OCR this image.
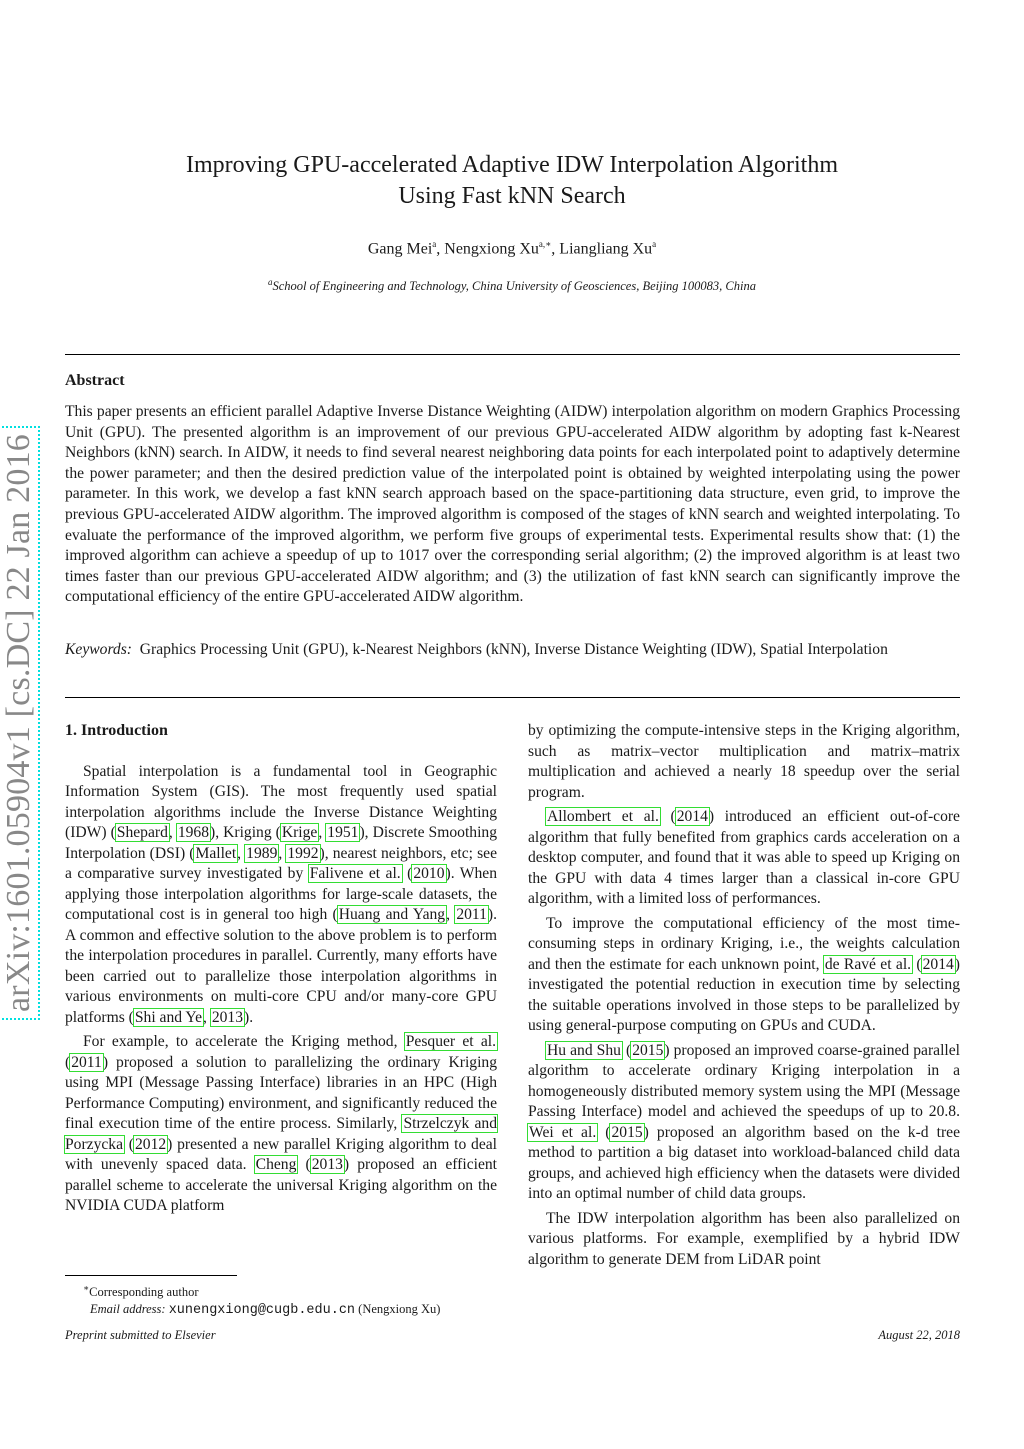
arXiv:1601.05904v1 [cs.DC] 22 Jan 2016
Improving GPU-accelerated Adaptive IDW Interpolation Algorithm
Using Fast kNN Search
Gang Mei$^a$, Nengxiong $Xu^{a,∗}$, Liangliang Xu$^a$
$^a$School of Engineering and Technology, China University of Geosciences, Beijing 100083, China
Abstract
This paper presents an efficient parallel Adaptive Inverse Distance Weighting (AIDW) interpolation algorithm on modern Graphics Processing Unit (GPU). The presented algorithm is an improvement of our previous GPU-accelerated AIDW algorithm by adopting fast k-Nearest Neighbors (kNN) search. In AIDW, it needs to find several nearest neighboring data points for each interpolated point to adaptively determine the power parameter; and then the desired prediction value of the interpolated point is obtained by weighted interpolating using the power parameter. In this work, we develop a fast kNN search approach based on the space-partitioning data structure, even grid, to improve the previous GPU-accelerated AIDW algorithm. The improved algorithm is composed of the stages of kNN search and weighted interpolating. To evaluate the performance of the improved algorithm, we perform five groups of experimental tests. Experimental results show that: (1) the improved algorithm can achieve a speedup of up to 1017 over the corresponding serial algorithm; (2) the improved algorithm is at least two times faster than our previous GPU-accelerated AIDW algorithm; and (3) the utilization of fast kNN search can significantly improve the computational efficiency of the entire GPU-accelerated AIDW algorithm.
Keywords: Graphics Processing Unit (GPU), k-Nearest Neighbors (kNN), Inverse Distance Weighting (IDW), Spatial Interpolation

1. Introduction

Spatial interpolation is a fundamental tool in Geographic Information System (GIS). The most frequently used spatial interpolation algorithms include the Inverse Distance Weighting (IDW) (Shepard, 1968), Kriging (Krige, 1951), Discrete Smoothing Interpolation (DSI) (Mallet, 1989, 1992), nearest neighbors, etc; see a comparative survey investigated by Falivene et al. (2010). When applying those interpolation algorithms for large-scale datasets, the computational cost is in general too high (Huang and Yang, 2011). A common and effective solution to the above problem is to perform the interpolation procedures in parallel. Currently, many efforts have been carried out to parallelize those interpolation algorithms in various environments on multi-core CPU and/or many-core GPU platforms (Shi and Ye, 2013).

For example, to accelerate the Kriging method, Pesquer et al. (2011) proposed a solution to parallelizing the ordinary Kriging using MPI (Message Passing Interface) libraries in an HPC (High Performance Computing) environment, and significantly reduced the final execution time of the entire process. Similarly, Strzelczyk and Porzycka (2012) presented a new parallel Kriging algorithm to deal with unevenly spaced data. Cheng (2013) proposed an efficient parallel scheme to accelerate the universal Kriging algorithm on the NVIDIA CUDA platform

by optimizing the compute-intensive steps in the Kriging algorithm, such as matrix–vector multiplication and matrix–matrix multiplication and achieved a nearly 18 speedup over the serial program.

Allombert et al. (2014) introduced an efficient out-of-core algorithm that fully benefited from graphics cards acceleration on a desktop computer, and found that it was able to speed up Kriging on the GPU with data 4 times larger than a classical in-core GPU algorithm, with a limited loss of performances.

To improve the computational efficiency of the most time-consuming steps in ordinary Kriging, i.e., the weights calculation and then the estimate for each unknown point, de Ravé et al. (2014) investigated the potential reduction in execution time by selecting the suitable operations involved in those steps to be parallelized by using general-purpose computing on GPUs and CUDA.

Hu and Shu (2015) proposed an improved coarse-grained parallel algorithm to accelerate ordinary Kriging interpolation in a homogeneously distributed memory system using the MPI (Message Passing Interface) model and achieved the speedups of up to 20.8. Wei et al. (2015) proposed an algorithm based on the k-d tree method to partition a big dataset into workload-balanced child data groups, and achieved high efficiency when the datasets were divided into an optimal number of child data groups.

The IDW interpolation algorithm has been also parallelized on various platforms. For example, exemplified by a hybrid IDW algorithm to generate DEM from LiDAR point

∗Corresponding author
Email address: xunengxiong@cugb.edu.cn (Nengxiong Xu)
Preprint submitted to Elsevier	August 22, 2018
